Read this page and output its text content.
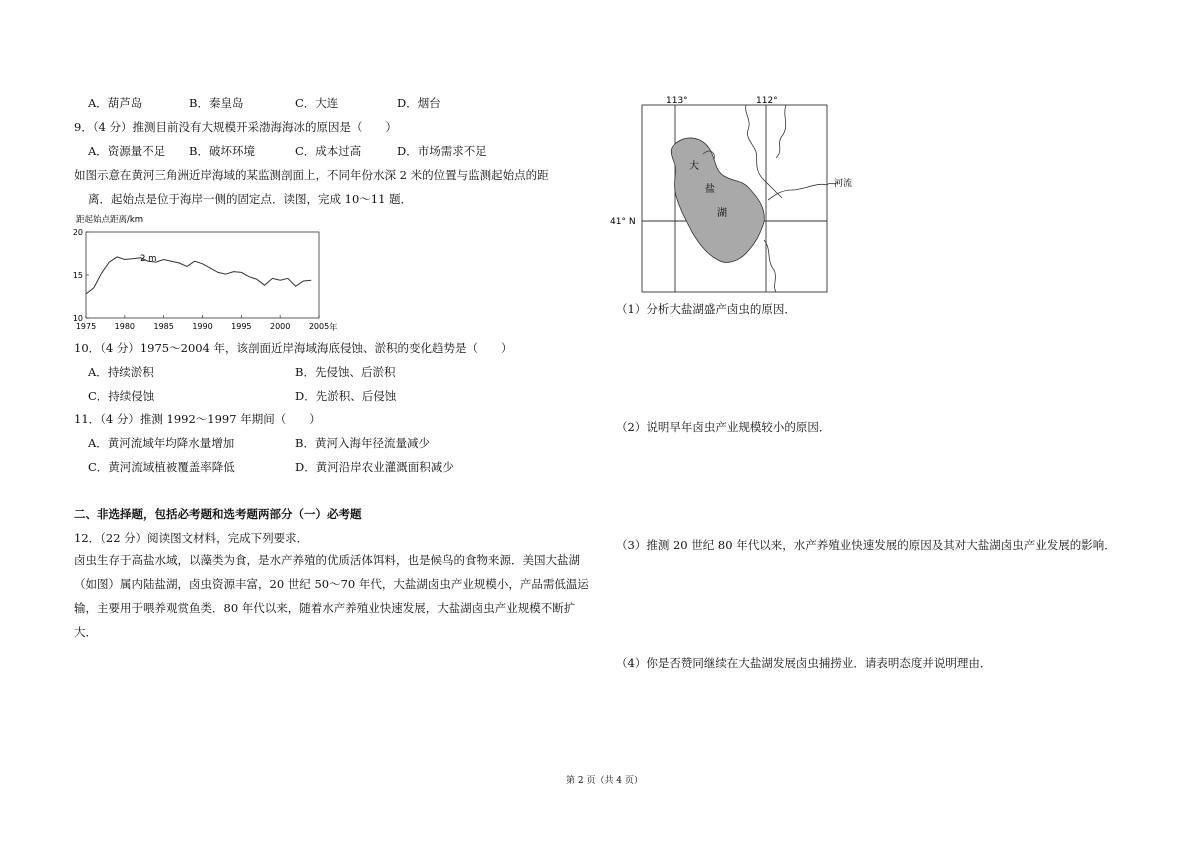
A．葫芦岛	B．秦皇岛	C．大连	D．烟台
9．（4 分）推测目前没有大规模开采渤海海冰的原因是（　　）
A．资源量不足 B．破坏环境	C．成本过高	D．市场需求不足
如图示意在黄河三角洲近岸海域的某监测剖面上，不同年份水深 2 米的位置与监测起始点的距
离．起始点是位于海岸一侧的固定点．读图，完成 10～11 题．
距起始点距离/km
1975 1980 1985 1990 1995 2000 2005
10
15
20
2 m
年
10．（4 分）1975～2004 年，该剖面近岸海域海底侵蚀、淤积的变化趋势是（　　）
A．持续淤积	B．先侵蚀、后淤积
C．持续侵蚀	D．先淤积、后侵蚀
11．（4 分）推测 1992～1997 年期间（　　）
A．黄河流域年均降水量增加	B．黄河入海年径流量减少
C．黄河流域植被覆盖率降低	D．黄河沿岸农业灌溉面积减少
二、非选择题，包括必考题和选考题两部分（一）必考题
12．（22 分）阅读图文材料，完成下列要求．
卤虫生存于高盐水域，以藻类为食，是水产养殖的优质活体饵料，也是候鸟的食物来源．美国大盐湖（如图）属内陆盐湖，卤虫资源丰富，20 世纪 50～70 年代，大盐湖卤虫产业规模小，产品需低温运输，主要用于喂养观赏鱼类．80 年代以来，随着水产养殖业快速发展，大盐湖卤虫产业规模不断扩大．
113°	112°
41° N
大
盐
湖
河流
（1）分析大盐湖盛产卤虫的原因．
（2）说明早年卤虫产业规模较小的原因．
（3）推测 20 世纪 80 年代以来，水产养殖业快速发展的原因及其对大盐湖卤虫产业发展的影响．
（4）你是否赞同继续在大盐湖发展卤虫捕捞业．请表明态度并说明理由．
第 2 页（共 4 页）
